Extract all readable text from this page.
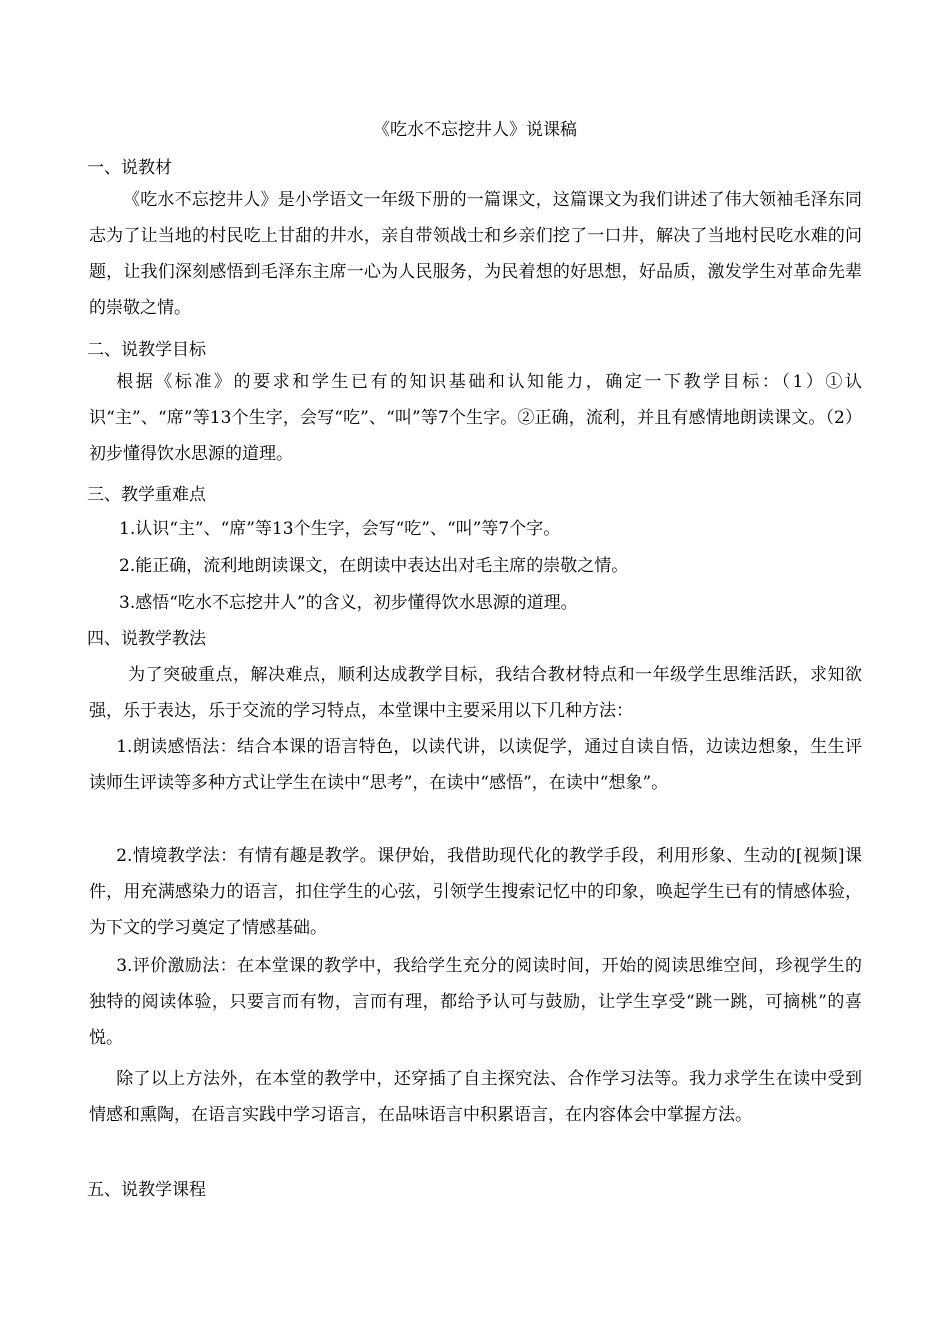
《吃水不忘挖井人》说课稿
一、说教材
《吃水不忘挖井人》是小学语文一年级下册的一篇课文，这篇课文为我们讲述了伟大领袖毛泽东同志为了让当地的村民吃上甘甜的井水，亲自带领战士和乡亲们挖了一口井，解决了当地村民吃水难的问题，让我们深刻感悟到毛泽东主席一心为人民服务，为民着想的好思想，好品质，激发学生对革命先辈的崇敬之情。
二、说教学目标
根据《标准》的要求和学生已有的知识基础和认知能力，确定一下教学目标：（1）①认识“主”、“席”等13个生字，会写“吃”、“叫”等7个生字。②正确，流利，并且有感情地朗读课文。（2）初步懂得饮水思源的道理。
三、教学重难点
1.认识“主”、“席”等13个生字，会写“吃”、“叫”等7个字。
2.能正确，流利地朗读课文，在朗读中表达出对毛主席的崇敬之情。
3.感悟“吃水不忘挖井人”的含义，初步懂得饮水思源的道理。
四、说教学教法
为了突破重点，解决难点，顺利达成教学目标，我结合教材特点和一年级学生思维活跃，求知欲强，乐于表达，乐于交流的学习特点，本堂课中主要采用以下几种方法：
1.朗读感悟法：结合本课的语言特色，以读代讲，以读促学，通过自读自悟，边读边想象，生生评读师生评读等多种方式让学生在读中“思考”，在读中“感悟”，在读中“想象”。
2.情境教学法：有情有趣是教学。课伊始，我借助现代化的教学手段，利用形象、生动的[视频]课件，用充满感染力的语言，扣住学生的心弦，引领学生搜索记忆中的印象，唤起学生已有的情感体验，为下文的学习奠定了情感基础。
3.评价激励法：在本堂课的教学中，我给学生充分的阅读时间，开始的阅读思维空间，珍视学生的独特的阅读体验，只要言而有物，言而有理，都给予认可与鼓励，让学生享受“跳一跳，可摘桃”的喜悦。
除了以上方法外，在本堂的教学中，还穿插了自主探究法、合作学习法等。我力求学生在读中受到情感和熏陶，在语言实践中学习语言，在品味语言中积累语言，在内容体会中掌握方法。
五、说教学课程
